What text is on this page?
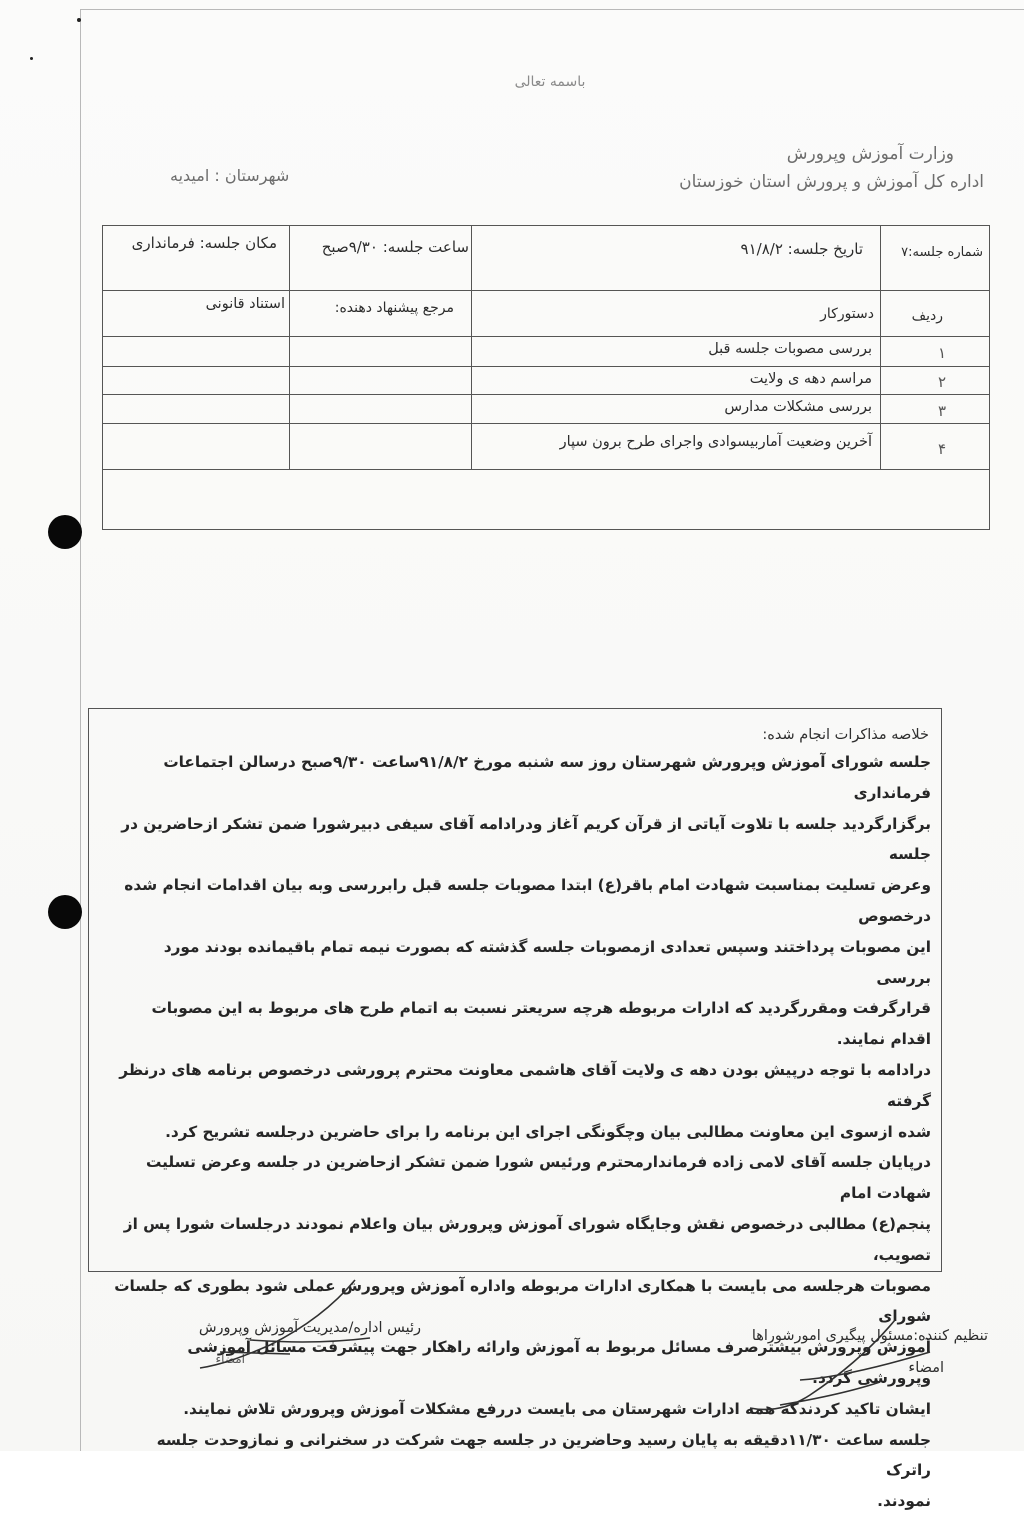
باسمه تعالی
وزارت آموزش وپرورش
اداره کل آموزش و پرورش استان خوزستان
شهرستان : امیدیه
شماره جلسه:۷
تاریخ جلسه: ۹۱/۸/۲
ساعت جلسه: ۹/۳۰صبح
مکان جلسه: فرمانداری
ردیف
دستورکار
مرجع پیشنهاد دهنده:
استناد قانونی
۱
بررسی مصوبات جلسه قبل
۲
مراسم دهه ی ولایت
۳
بررسی مشکلات مدارس
۴
آخرین وضعیت آماربیسوادی واجرای طرح برون سپار
خلاصه مذاکرات انجام شده:
جلسه شورای آموزش وپرورش شهرستان روز سه شنبه مورخ ۹۱/۸/۲ساعت ۹/۳۰صبح درسالن اجتماعات فرمانداری
برگزارگردید جلسه با تلاوت آیاتی از قرآن کریم آغاز ودرادامه آقای سیفی دبیرشورا ضمن تشکر ازحاضرین در جلسه
وعرض تسلیت بمناسبت شهادت امام باقر(ع) ابتدا مصوبات جلسه قبل رابررسی وبه بیان اقدامات انجام شده درخصوص
این مصوبات پرداختند وسپس تعدادی ازمصوبات جلسه گذشته که بصورت نیمه تمام باقیمانده بودند مورد بررسی
قرارگرفت ومقررگردید که ادارات مربوطه هرچه سریعتر نسبت به اتمام طرح های مربوط به این مصوبات اقدام نمایند.
درادامه با توجه درپیش بودن دهه ی ولایت آقای هاشمی معاونت محترم پرورشی درخصوص برنامه های درنظر گرفته
شده ازسوی این معاونت مطالبی بیان وچگونگی اجرای این برنامه را برای حاضرین درجلسه تشریح کرد.
درپایان جلسه آقای لامی زاده فرماندارمحترم ورئیس شورا ضمن تشکر ازحاضرین در جلسه وعرض تسلیت شهادت امام
پنجم(ع) مطالبی درخصوص نقش وجایگاه شورای آموزش وپرورش بیان واعلام نمودند درجلسات شورا پس از تصویب،
مصوبات هرجلسه می بایست با همکاری ادارات مربوطه واداره آموزش وپرورش عملی شود بطوری که جلسات شورای
آموزش وپرورش بیشترصرف مسائل مربوط به آموزش وارائه راهکار جهت پیشرفت مسائل آموزشی وپرورشی گردد.
ایشان تاکید کردندکه همه ادارات شهرستان می بایست دررفع مشکلات آموزش وپرورش تلاش نمایند.
جلسه ساعت ۱۱/۳۰دقیقه به پایان رسید وحاضرین در جلسه جهت شرکت در سخنرانی و نمازوحدت جلسه راترک
نمودند.
رئیس اداره/مدیریت آموزش وپرورش
امضاء
تنظیم کننده:مسئول پیگیری امورشوراها
امضاء
